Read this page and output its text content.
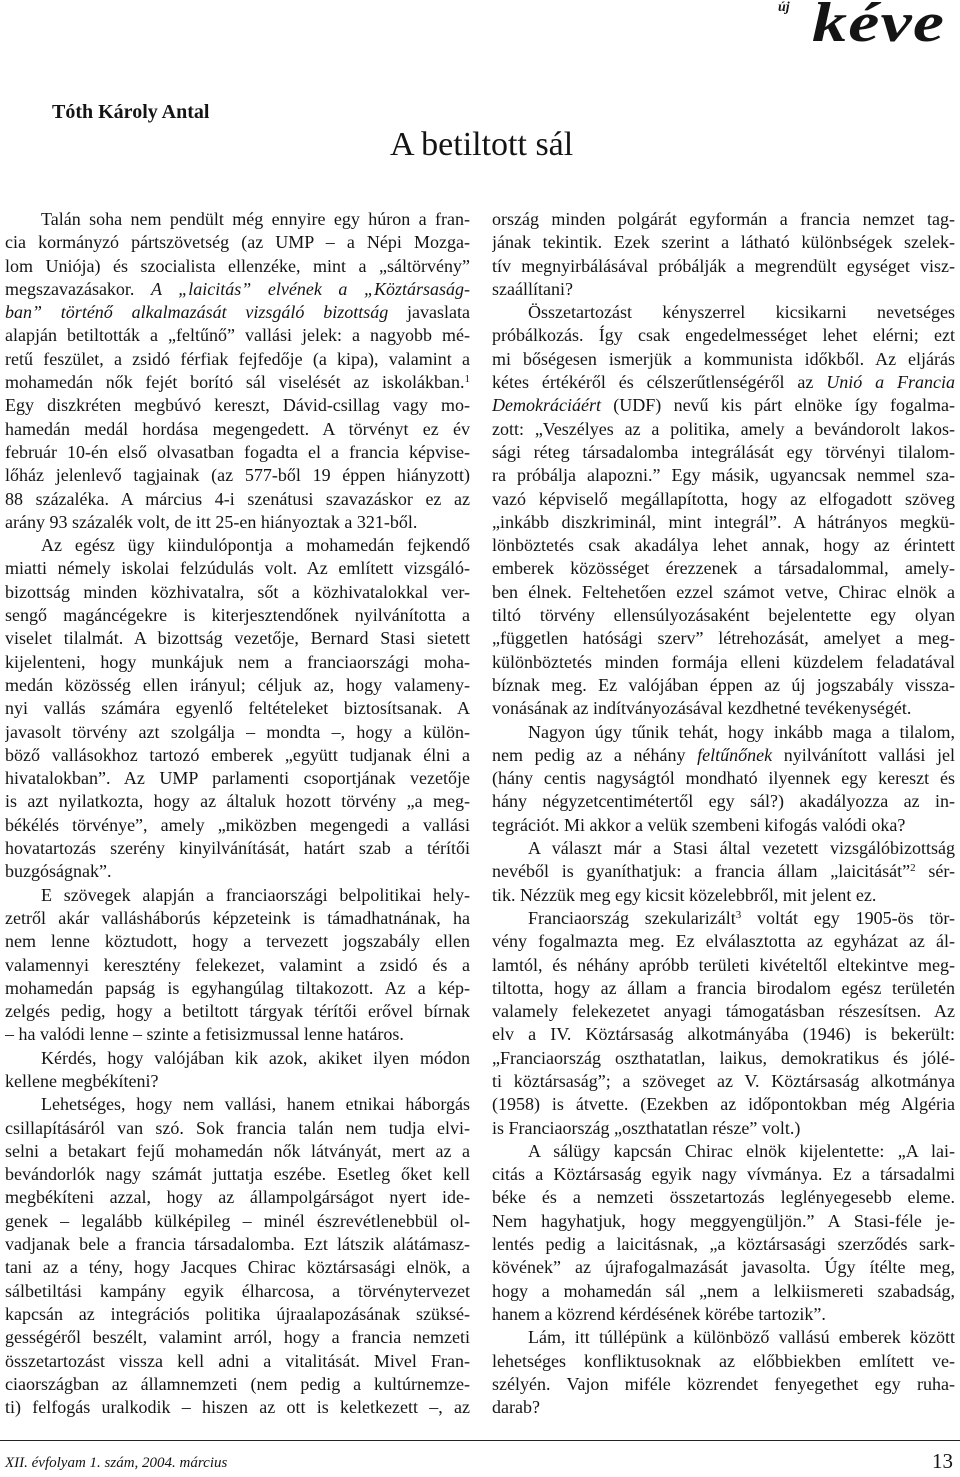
új kéve
Tóth Károly Antal
A betiltott sál
Talán soha nem pendült még ennyire egy húron a fran-
cia kormányzó pártszövetség (az UMP – a Népi Mozga-
lom Uniója) és szocialista ellenzéke, mint a „sáltörvény”
megszavazásakor. A „laicitás” elvének a „Köztársaság-
ban” történő alkalmazását vizsgáló bizottság javaslata
alapján betiltották a „feltűnő” vallási jelek: a nagyobb mé-
retű feszület, a zsidó férfiak fejfedője (a kipa), valamint a
mohamedán nők fejét borító sál viselését az iskolákban.$^1$
Egy diszkréten megbúvó kereszt, Dávid-csillag vagy mo-
hamedán medál hordása megengedett. A törvényt ez év
február 10-én első olvasatban fogadta el a francia képvise-
lőház jelenlevő tagjainak (az 577-ből 19 éppen hiányzott)
88 százaléka. A március 4-i szenátusi szavazáskor ez az
arány 93 százalék volt, de itt 25-en hiányoztak a 321-ből.
Az egész ügy kiindulópontja a mohamedán fejkendő
miatti némely iskolai felzúdulás volt. Az említett vizsgáló-
bizottság minden közhivatalra, sőt a közhivatalokkal ver-
sengő magáncégekre is kiterjesztendőnek nyilvánította a
viselet tilalmát. A bizottság vezetője, Bernard Stasi sietett
kijelenteni, hogy munkájuk nem a franciaországi moha-
medán közösség ellen irányul; céljuk az, hogy valameny-
nyi vallás számára egyenlő feltételeket biztosítsanak. A
javasolt törvény azt szolgálja – mondta –, hogy a külön-
böző vallásokhoz tartozó emberek „együtt tudjanak élni a
hivatalokban”. Az UMP parlamenti csoportjának vezetője
is azt nyilatkozta, hogy az általuk hozott törvény „a meg-
békélés törvénye”, amely „miközben megengedi a vallási
hovatartozás szerény kinyilvánítását, határt szab a térítői
buzgóságnak”.
E szövegek alapján a franciaországi belpolitikai hely-
zetről akár vallásháborús képzeteink is támadhatnának, ha
nem lenne köztudott, hogy a tervezett jogszabály ellen
valamennyi keresztény felekezet, valamint a zsidó és a
mohamedán papság is egyhangúlag tiltakozott. Az a kép-
zelgés pedig, hogy a betiltott tárgyak térítői erővel bírnak
– ha valódi lenne – szinte a fetisizmussal lenne határos.
Kérdés, hogy valójában kik azok, akiket ilyen módon
kellene megbékíteni?
Lehetséges, hogy nem vallási, hanem etnikai háborgás
csillapításáról van szó. Sok francia talán nem tudja elvi-
selni a betakart fejű mohamedán nők látványát, mert az a
bevándorlók nagy számát juttatja eszébe. Esetleg őket kell
megbékíteni azzal, hogy az állampolgárságot nyert ide-
genek – legalább külképileg – minél észrevétlenebbül ol-
vadjanak bele a francia társadalomba. Ezt látszik alátámasz-
tani az a tény, hogy Jacques Chirac köztársasági elnök, a
sálbetiltási kampány egyik élharcosa, a törvénytervezet
kapcsán az integrációs politika újraalapozásának szüksé-
gességéről beszélt, valamint arról, hogy a francia nemzeti
összetartozást vissza kell adni a vitalitását. Mivel Fran-
ciaországban az államnemzeti (nem pedig a kultúrnemze-
ti) felfogás uralkodik – hiszen az ott is keletkezett –, az
ország minden polgárát egyformán a francia nemzet tag-
jának tekintik. Ezek szerint a látható különbségek szelek-
tív megnyirbálásával próbálják a megrendült egységet visz-
szaállítani?
Összetartozást kényszerrel kicsikarni nevetséges
próbálkozás. Így csak engedelmességet lehet elérni; ezt
mi bőségesen ismerjük a kommunista időkből. Az eljárás
kétes értékéről és célszerűtlenségéről az Unió a Francia
Demokráciáért (UDF) nevű kis párt elnöke így fogalma-
zott: „Veszélyes az a politika, amely a bevándorolt lakos-
sági réteg társadalomba integrálását egy törvényi tilalom-
ra próbálja alapozni.” Egy másik, ugyancsak nemmel sza-
vazó képviselő megállapította, hogy az elfogadott szöveg
„inkább diszkriminál, mint integrál”. A hátrányos megkü-
lönböztetés csak akadálya lehet annak, hogy az érintett
emberek közösséget érezzenek a társadalommal, amely-
ben élnek. Feltehetően ezzel számot vetve, Chirac elnök a
tiltó törvény ellensúlyozásaként bejelentette egy olyan
„független hatósági szerv” létrehozását, amelyet a meg-
különböztetés minden formája elleni küzdelem feladatával
bíznak meg. Ez valójában éppen az új jogszabály vissza-
vonásának az indítványozásával kezdhetné tevékenységét.
Nagyon úgy tűnik tehát, hogy inkább maga a tilalom,
nem pedig az a néhány feltűnőnek nyilvánított vallási jel
(hány centis nagyságtól mondható ilyennek egy kereszt és
hány négyzetcentimétertől egy sál?) akadályozza az in-
tegrációt. Mi akkor a velük szembeni kifogás valódi oka?
A választ már a Stasi által vezetett vizsgálóbizottság
nevéből is gyaníthatjuk: a francia állam „laicitását”$^2$ sér-
tik. Nézzük meg egy kicsit közelebbről, mit jelent ez.
Franciaország szekularizált$^3$ voltát egy 1905-ös tör-
vény fogalmazta meg. Ez elválasztotta az egyházat az ál-
lamtól, és néhány apróbb területi kivételtől eltekintve meg-
tiltotta, hogy az állam a francia birodalom egész területén
valamely felekezetet anyagi támogatásban részesítsen. Az
elv a IV. Köztársaság alkotmányába (1946) is bekerült:
„Franciaország oszthatatlan, laikus, demokratikus és jólé-
ti köztársaság”; a szöveget az V. Köztársaság alkotmánya
(1958) is átvette. (Ezekben az időpontokban még Algéria
is Franciaország „oszthatatlan része” volt.)
A sálügy kapcsán Chirac elnök kijelentette: „A lai-
citás a Köztársaság egyik nagy vívmánya. Ez a társadalmi
béke és a nemzeti összetartozás leglényegesebb eleme.
Nem hagyhatjuk, hogy meggyengüljön.” A Stasi-féle je-
lentés pedig a laicitásnak, „a köztársasági szerződés sark-
kövének” az újrafogalmazását javasolta. Úgy ítélte meg,
hogy a mohamedán sál „nem a lelkiismereti szabadság,
hanem a közrend kérdésének körébe tartozik”.
Lám, itt túllépünk a különböző vallású emberek között
lehetséges konfliktusoknak az előbbiekben említett ve-
szélyén. Vajon miféle közrendet fenyegethet egy ruha-
darab?
XII. évfolyam 1. szám, 2004. március	13
